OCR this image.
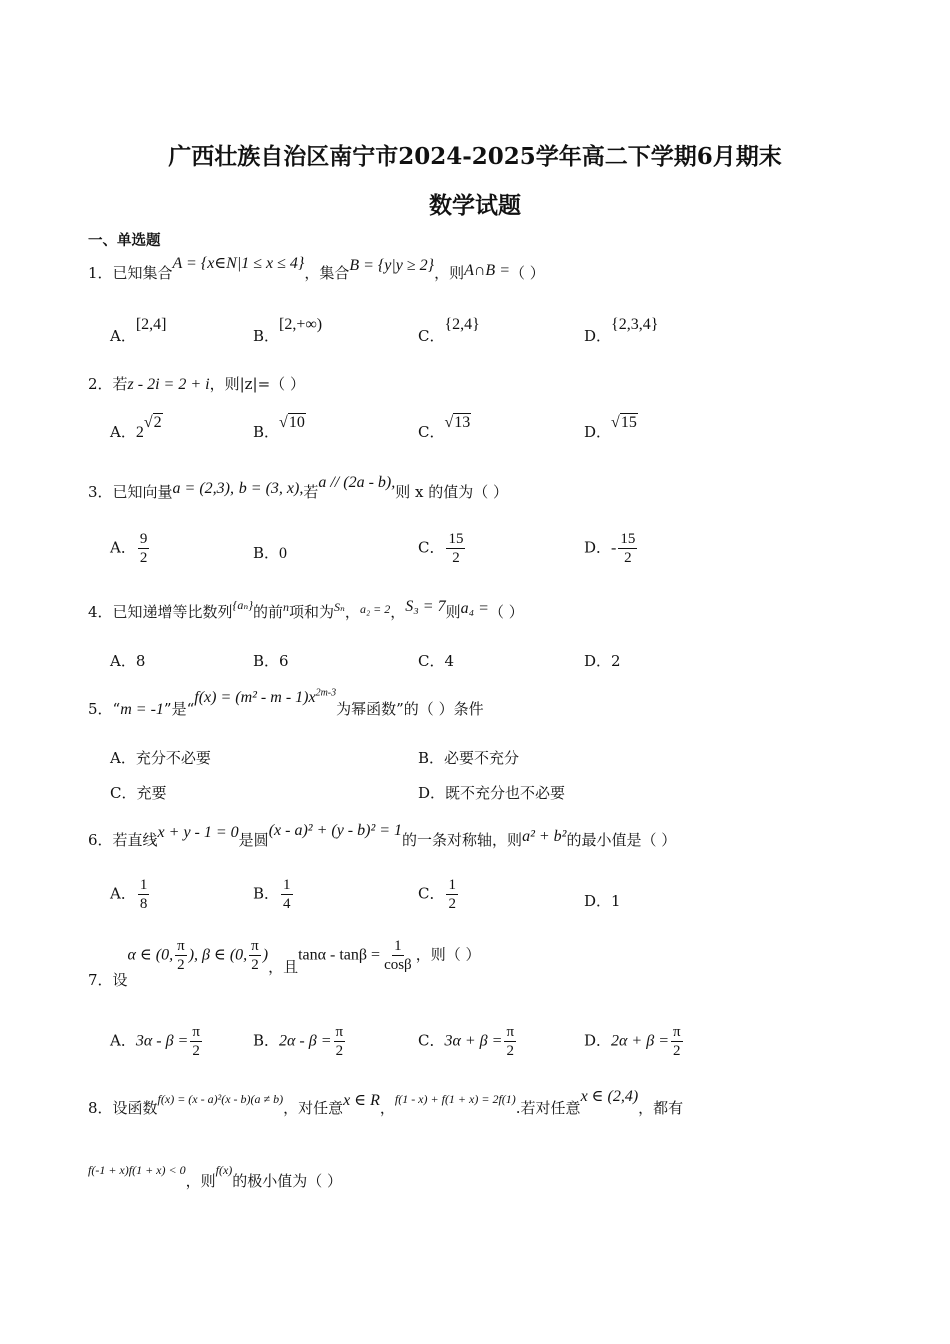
广西壮族自治区南宁市2024-2025学年高二下学期6月期末
数学试题
一、单选题
1．已知集合A = {x∈N|1 ≤ x ≤ 4}，集合B = {y|y ≥ 2}，则A∩B =（ ）
A．[2,4]
B．[2,+∞)
C．{2,4}
D．{2,3,4}
2．若z - 2i = 2 + i，则|z|=（ ）
A．2√2
B．√10
C．√13
D．√15
3．已知向量a = (2,3), b = (3, x),若a // (2a - b),则 x 的值为（ ）
A． $\frac{9}{2}$	B．0	C． $\frac{15}{2}$	D．- $\frac{15}{2}$
4．已知递增等比数列$^{\{a_n\}}$的前$^n$项和为$^{S_n}$，$^{a_2 = 2}$，S₃ = 7则a₄ =（ ）
A．8	B．6	C．4	D．2
5．“m = -1”是“$f(x) = (m^2 - m - 1)x^{2m-3}$为幂函数”的（ ）条件
A．充分不必要	B．必要不充分
C．充要	D．既不充分也不必要
6．若直线x + y - 1 = 0是圆(x - a)² + (y - b)² = 1的一条对称轴，则a² + b²的最小值是（ ）
A． $\frac{1}{8}$	B． $\frac{1}{4}$	C． $\frac{1}{2}$	D．1
7．设α ∈ (0, $\frac{\pi}{2}$ ), β ∈ (0, $\frac{\pi}{2}$ )，且$\tan\alpha - \tan\beta = \frac{1}{\cos\beta}$ ，则（ ）
A．$3\alpha - \beta = \frac{\pi}{2}$	B．$2\alpha - \beta = \frac{\pi}{2}$	C．$3\alpha + \beta = \frac{\pi}{2}$	D．$2\alpha + \beta = \frac{\pi}{2}$
8．设函数$^{f(x) = (x - a)^2(x - b)(a \ne b)}$，对任意x ∈ R，$^{f(1 - x) + f(1 + x) = 2f(1)}$.若对任意x ∈ (2,4)，都有
$^{f(-1 + x)f(1 + x) < 0}$，则$^{f(x)}$的极小值为（ ）
